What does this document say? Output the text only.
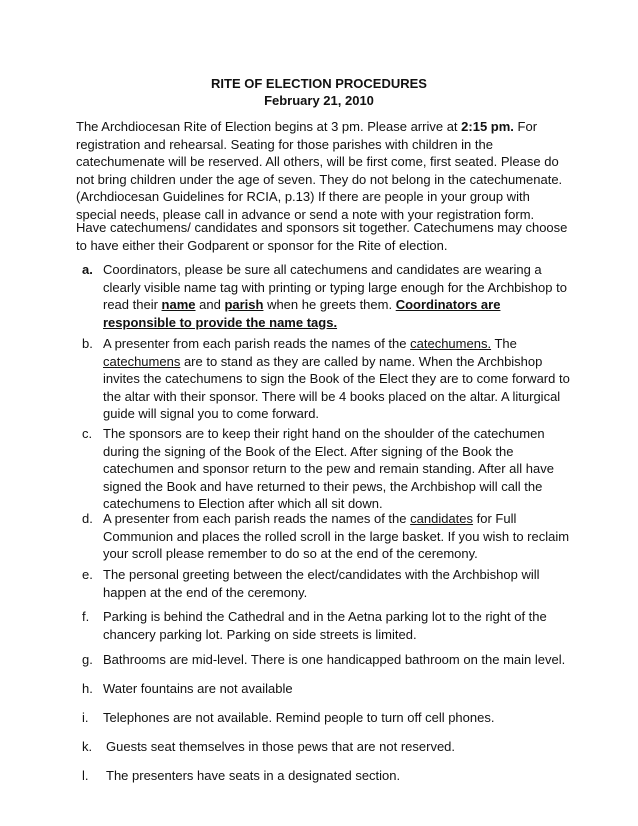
RITE OF ELECTION PROCEDURES
February 21, 2010

The Archdiocesan Rite of Election begins at 3 pm. Please arrive at 2:15 pm. For registration and rehearsal. Seating for those parishes with children in the catechumenate will be reserved. All others, will be first come, first seated. Please do not bring children under the age of seven. They do not belong in the catechumenate. (Archdiocesan Guidelines for RCIA, p.13) If there are people in your group with special needs, please call in advance or send a note with your registration form.

Have catechumens/ candidates and sponsors sit together. Catechumens may choose to have either their Godparent or sponsor for the Rite of election.

a. Coordinators, please be sure all catechumens and candidates are wearing a clearly visible name tag with printing or typing large enough for the Archbishop to read their name and parish when he greets them. Coordinators are responsible to provide the name tags.
b. A presenter from each parish reads the names of the catechumens. The catechumens are to stand as they are called by name. When the Archbishop invites the catechumens to sign the Book of the Elect they are to come forward to the altar with their sponsor. There will be 4 books placed on the altar. A liturgical guide will signal you to come forward.
c. The sponsors are to keep their right hand on the shoulder of the catechumen during the signing of the Book of the Elect. After signing of the Book the catechumen and sponsor return to the pew and remain standing. After all have signed the Book and have returned to their pews, the Archbishop will call the catechumens to Election after which all sit down.
d. A presenter from each parish reads the names of the candidates for Full Communion and places the rolled scroll in the large basket. If you wish to reclaim your scroll please remember to do so at the end of the ceremony.
e. The personal greeting between the elect/candidates with the Archbishop will happen at the end of the ceremony.
f. Parking is behind the Cathedral and in the Aetna parking lot to the right of the chancery parking lot. Parking on side streets is limited.
g. Bathrooms are mid-level. There is one handicapped bathroom on the main level.
h. Water fountains are not available
i. Telephones are not available. Remind people to turn off cell phones.
k. Guests seat themselves in those pews that are not reserved.
l. The presenters have seats in a designated section.
